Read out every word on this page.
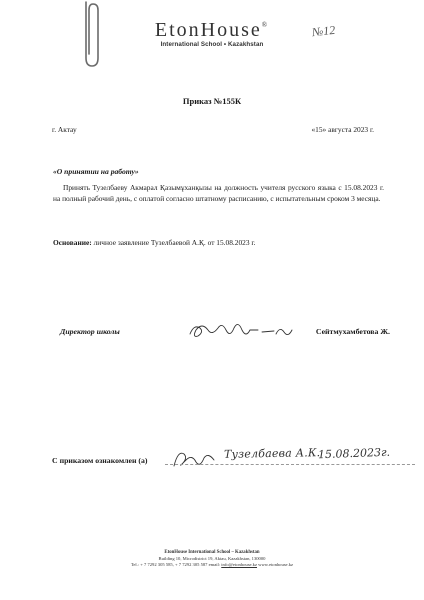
EtonHouse®
International School • Kazakhstan
№12
Приказ №155К
г. Актау	«15» августа 2023 г.
«О принятии на работу»
Принять Тузелбаеву Акмарал Қазымұханқызы на должность учителя русского языка с 15.08.2023 г. на полный рабочий день, с оплатой согласно штатному расписанию, с испытательным сроком 3 месяца.
Основание: личное заявление Тузелбаевой А.Қ. от 15.08.2023 г.
Директор школы	Сейтмухамбетова Ж.
С приказом ознакомлен (а)	Тузелбаева А.К.
15.08.2023г.
EtonHouse International School – Kazakhstan
Building 10, Microdistrict 19, Aktau, Kazakhstan, 130000
Tel.: + 7 7292 305 585, + 7 7292 305 587 email: info@etonhouse.kz www.etonhouse.kz
